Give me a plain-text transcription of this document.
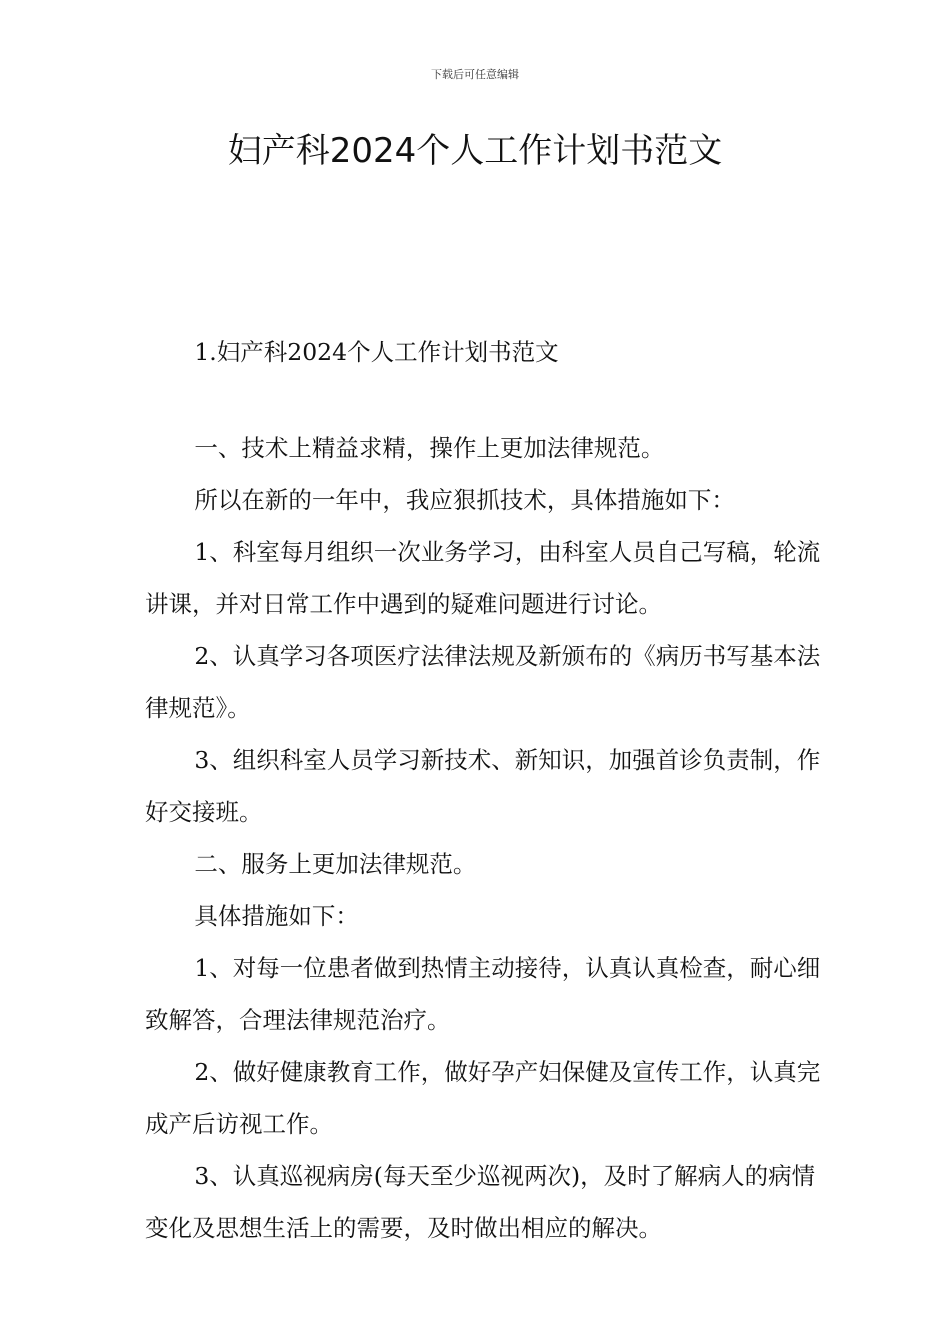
下载后可任意编辑
妇产科2024个人工作计划书范文

1.妇产科2024个人工作计划书范文

一、技术上精益求精，操作上更加法律规范。

所以在新的一年中，我应狠抓技术，具体措施如下：

1、科室每月组织一次业务学习，由科室人员自己写稿，轮流讲课，并对日常工作中遇到的疑难问题进行讨论。

2、认真学习各项医疗法律法规及新颁布的《病历书写基本法律规范》。

3、组织科室人员学习新技术、新知识，加强首诊负责制，作好交接班。

二、服务上更加法律规范。

具体措施如下：

1、对每一位患者做到热情主动接待，认真认真检查，耐心细致解答，合理法律规范治疗。

2、做好健康教育工作，做好孕产妇保健及宣传工作，认真完成产后访视工作。

3、认真巡视病房(每天至少巡视两次)，及时了解病人的病情变化及思想生活上的需要，及时做出相应的解决。
